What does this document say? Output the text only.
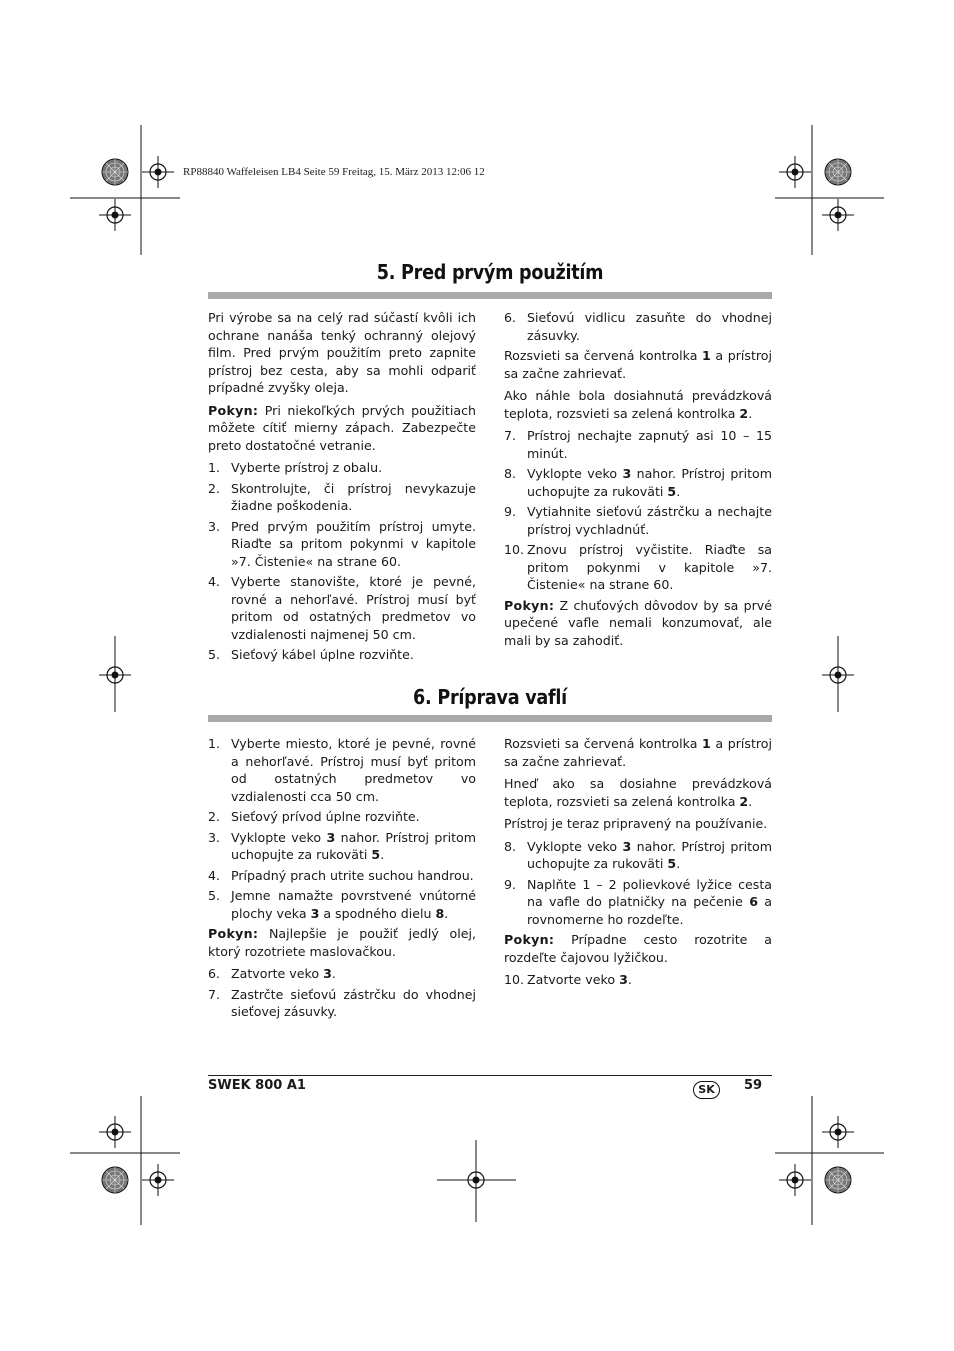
RP88840 Waffeleisen LB4 Seite 59 Freitag, 15. März 2013 12:06 12
5. Pred prvým použitím

Pri výrobe sa na celý rad súčastí kvôli ich ochrane nanáša tenký ochranný olejový film. Pred prvým použitím preto zapnite prístroj bez cesta, aby sa mohli odpariť prípadné zvyšky oleja.

Pokyn: Pri niekoľkých prvých použitiach môžete cítiť mierny zápach. Zabezpečte preto dostatočné vetranie.

1. Vyberte prístroj z obalu.
2. Skontrolujte, či prístroj nevykazuje žiadne poškodenia.
3. Pred prvým použitím prístroj umyte. Riaďte sa pritom pokynmi v kapitole »7. Čistenie« na strane 60.
4. Vyberte stanovište, ktoré je pevné, rovné a nehorľavé. Prístroj musí byť pritom od ostatných predmetov vo vzdialenosti najmenej 50 cm.
5. Sieťový kábel úplne rozviňte.
6. Sieťovú vidlicu zasuňte do vhodnej zásuvky.

Rozsvieti sa červená kontrolka 1 a prístroj sa začne zahrievať.

Ako náhle bola dosiahnutá prevádzková teplota, rozsvieti sa zelená kontrolka 2.

7. Prístroj nechajte zapnutý asi 10 – 15 minút.
8. Vyklopte veko 3 nahor. Prístroj pritom uchopujte za rukoväti 5.
9. Vytiahnite sieťovú zástrčku a nechajte prístroj vychladnúť.
10. Znovu prístroj vyčistite. Riaďte sa pritom pokynmi v kapitole »7. Čistenie« na strane 60.

Pokyn: Z chuťových dôvodov by sa prvé upečené vafle nemali konzumovať, ale mali by sa zahodiť.

6. Príprava vaflí
1. Vyberte miesto, ktoré je pevné, rovné a nehorľavé. Prístroj musí byť pritom od ostatných predmetov vo vzdialenosti cca 50 cm.
2. Sieťový prívod úplne rozviňte.
3. Vyklopte veko 3 nahor. Prístroj pritom uchopujte za rukoväti 5.
4. Prípadný prach utrite suchou handrou.
5. Jemne namažte povrstvené vnútorné plochy veka 3 a spodného dielu 8.

Pokyn: Najlepšie je použiť jedlý olej, ktorý rozotriete maslovačkou.

6. Zatvorte veko 3.
7. Zastrčte sieťovú zástrčku do vhodnej sieťovej zásuvky.

Rozsvieti sa červená kontrolka 1 a prístroj sa začne zahrievať.

Hneď ako sa dosiahne prevádzková teplota, rozsvieti sa zelená kontrolka 2.

Prístroj je teraz pripravený na používanie.

8. Vyklopte veko 3 nahor. Prístroj pritom uchopujte za rukoväti 5.
9. Naplňte 1 – 2 polievkové lyžice cesta na vafle do platničky na pečenie 6 a rovnomerne ho rozdeľte.

Pokyn: Prípadne cesto rozotrite a rozdeľte čajovou lyžičkou.

10. Zatvorte veko 3.
SWEK 800 A1	SK	59
